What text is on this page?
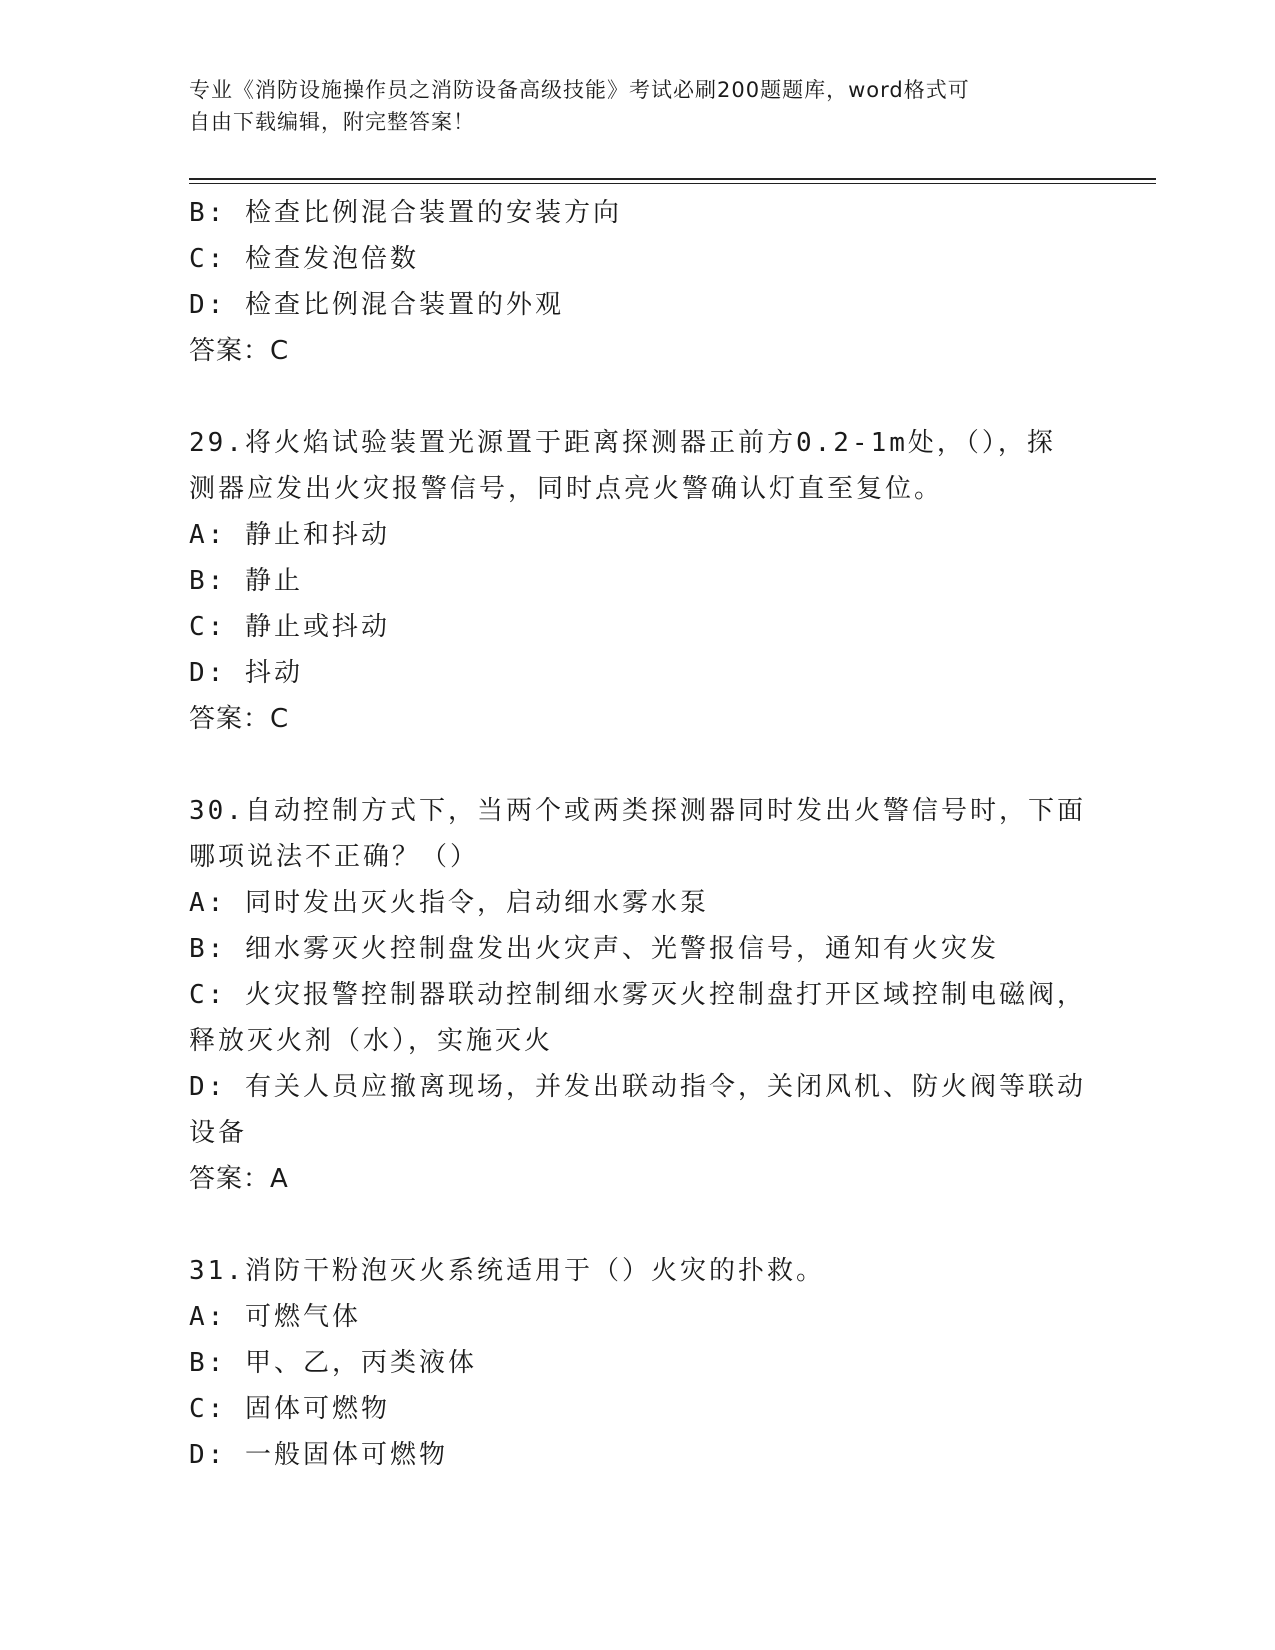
专业《消防设施操作员之消防设备高级技能》考试必刷200题题库，word格式可
自由下载编辑，附完整答案！
B: 检查比例混合装置的安装方向
C: 检查发泡倍数
D: 检查比例混合装置的外观
答案：C
29.将火焰试验装置光源置于距离探测器正前方0.2-1m处，（），探
测器应发出火灾报警信号，同时点亮火警确认灯直至复位。
A: 静止和抖动
B: 静止
C: 静止或抖动
D: 抖动
答案：C
30.自动控制方式下，当两个或两类探测器同时发出火警信号时，下面
哪项说法不正确？（）
A: 同时发出灭火指令，启动细水雾水泵
B: 细水雾灭火控制盘发出火灾声、光警报信号，通知有火灾发
C: 火灾报警控制器联动控制细水雾灭火控制盘打开区域控制电磁阀，
释放灭火剂（水），实施灭火
D: 有关人员应撤离现场，并发出联动指令，关闭风机、防火阀等联动
设备
答案：A
31.消防干粉泡灭火系统适用于（）火灾的扑救。
A: 可燃气体
B: 甲、乙，丙类液体
C: 固体可燃物
D: 一般固体可燃物
